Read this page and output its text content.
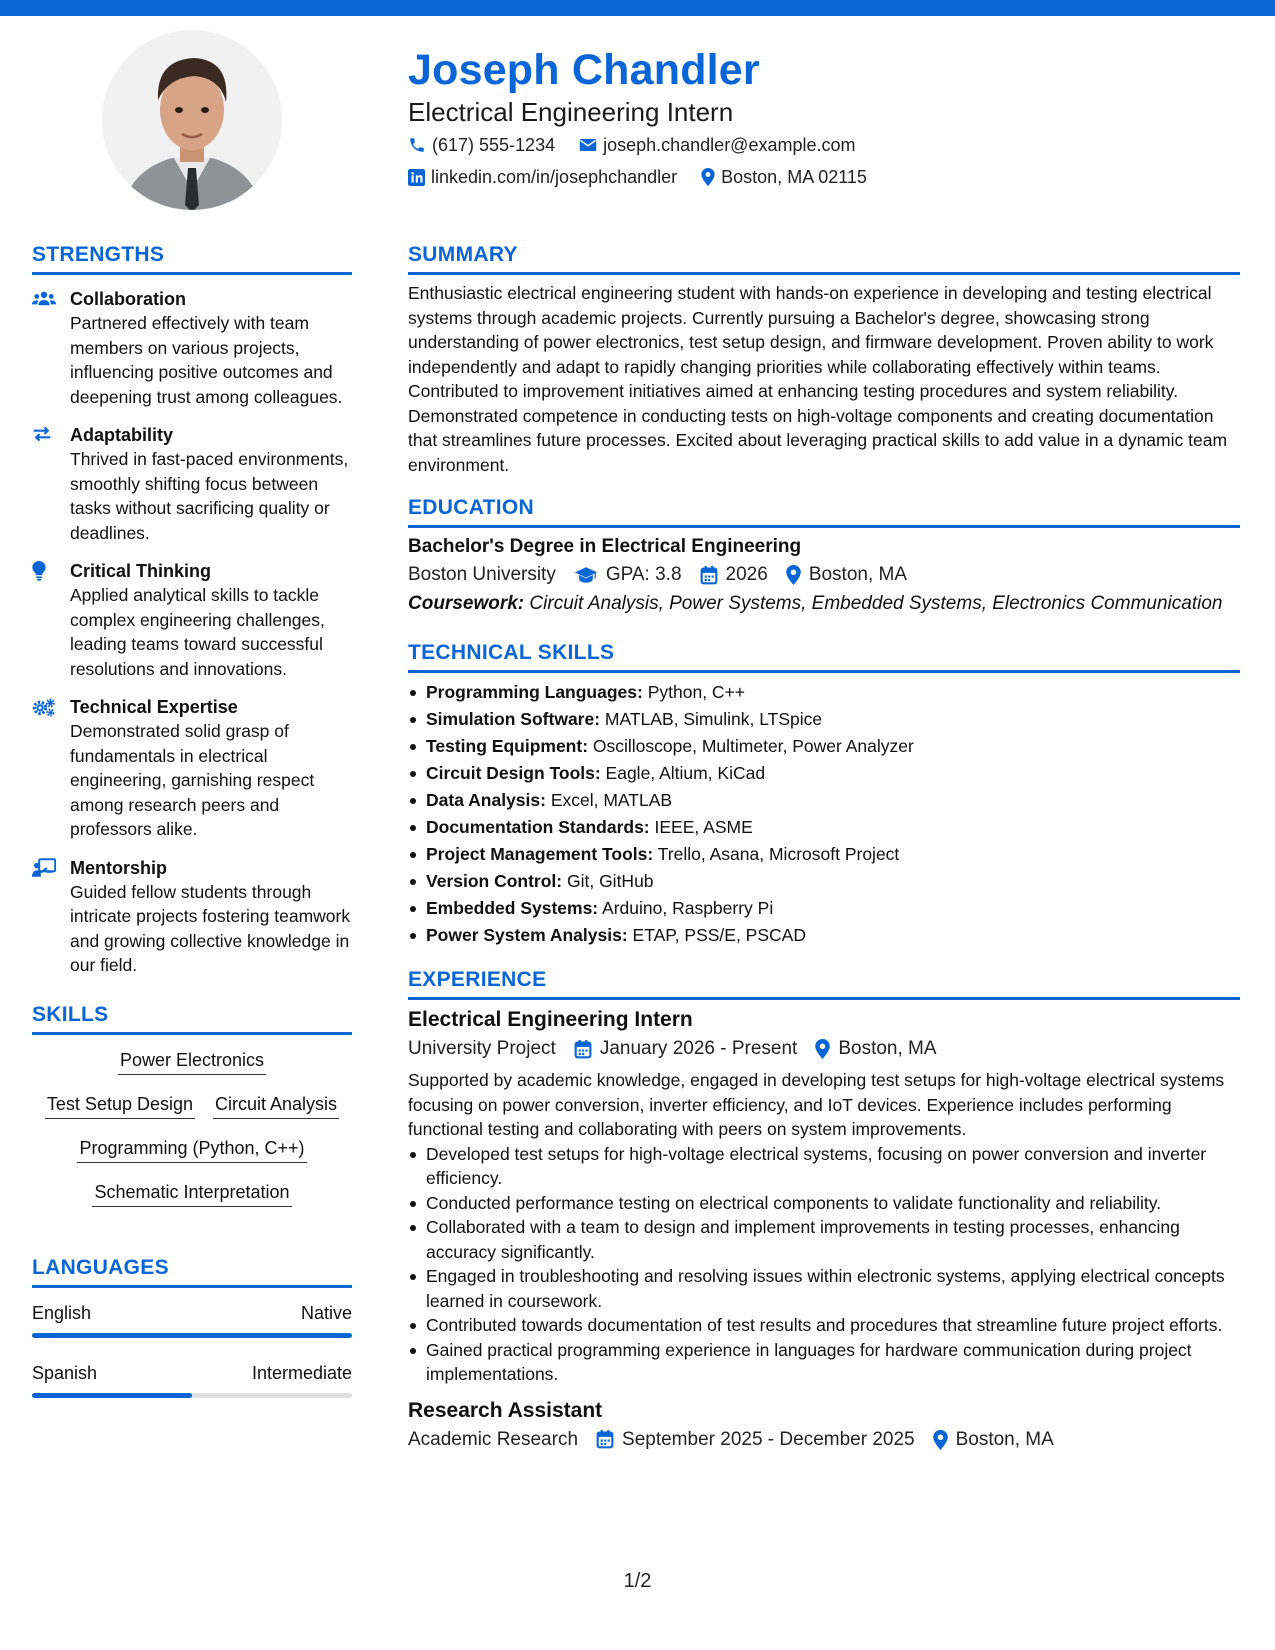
Joseph Chandler
Electrical Engineering Intern
(617) 555-1234	joseph.chandler@example.com
linkedin.com/in/josephchandler Boston, MA 02115
STRENGTHS
Collaboration
Partnered effectively with team members on various projects, influencing positive outcomes and deepening trust among colleagues.
Adaptability
Thrived in fast-paced environments, smoothly shifting focus between tasks without sacrificing quality or deadlines.
Critical Thinking
Applied analytical skills to tackle complex engineering challenges, leading teams toward successful resolutions and innovations.
Technical Expertise
Demonstrated solid grasp of fundamentals in electrical engineering, garnishing respect among research peers and professors alike.
Mentorship
Guided fellow students through intricate projects fostering teamwork and growing collective knowledge in our field.
SKILLS
Power Electronics
Test Setup Design Circuit Analysis
Programming (Python, C++)
Schematic Interpretation
LANGUAGES
English	Native
Spanish	Intermediate
SUMMARY
Enthusiastic electrical engineering student with hands-on experience in developing and testing electrical systems through academic projects. Currently pursuing a Bachelor's degree, showcasing strong understanding of power electronics, test setup design, and firmware development. Proven ability to work independently and adapt to rapidly changing priorities while collaborating effectively within teams. Contributed to improvement initiatives aimed at enhancing testing procedures and system reliability. Demonstrated competence in conducting tests on high-voltage components and creating documentation that streamlines future processes. Excited about leveraging practical skills to add value in a dynamic team environment.
EDUCATION
Bachelor's Degree in Electrical Engineering
Boston University	GPA: 3.8 2026 Boston, MA
Coursework: Circuit Analysis, Power Systems, Embedded Systems, Electronics Communication
TECHNICAL SKILLS
Programming Languages: Python, C++
Simulation Software: MATLAB, Simulink, LTSpice
Testing Equipment: Oscilloscope, Multimeter, Power Analyzer
Circuit Design Tools: Eagle, Altium, KiCad
Data Analysis: Excel, MATLAB
Documentation Standards: IEEE, ASME
Project Management Tools: Trello, Asana, Microsoft Project
Version Control: Git, GitHub
Embedded Systems: Arduino, Raspberry Pi
Power System Analysis: ETAP, PSS/E, PSCAD
EXPERIENCE
Electrical Engineering Intern
University Project January 2026 - Present Boston, MA
Supported by academic knowledge, engaged in developing test setups for high-voltage electrical systems focusing on power conversion, inverter efficiency, and IoT devices. Experience includes performing functional testing and collaborating with peers on system improvements.
Developed test setups for high-voltage electrical systems, focusing on power conversion and inverter efficiency.
Conducted performance testing on electrical components to validate functionality and reliability.
Collaborated with a team to design and implement improvements in testing processes, enhancing accuracy significantly.
Engaged in troubleshooting and resolving issues within electronic systems, applying electrical concepts learned in coursework.
Contributed towards documentation of test results and procedures that streamline future project efforts.
Gained practical programming experience in languages for hardware communication during project implementations.
Research Assistant
Academic Research September 2025 - December 2025 Boston, MA
1/2
